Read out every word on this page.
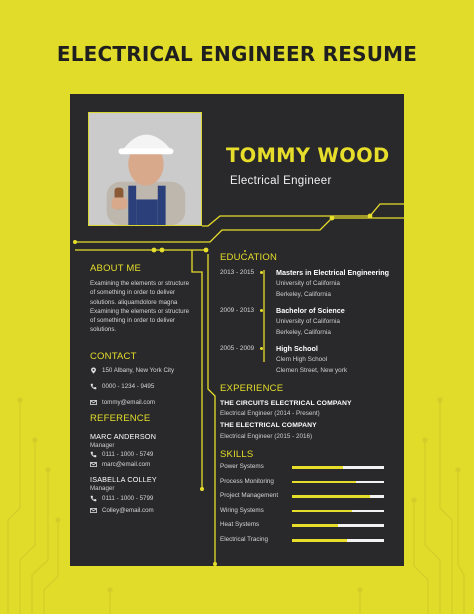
ELECTRICAL ENGINEER RESUME
TOMMY WOOD
Electrical Engineer
ABOUT ME
Examining the elements or structure of something in order to deliver solutions. aliquamdolore magna Examining the elements or structure of something in order to deliver solutions.
CONTACT
150 Albany, New York City
0000 - 1234 - 9495
tommy@email.com
REFERENCE
MARC ANDERSON
Manager
0111 - 1000 - 5749
marc@email.com
ISABELLA COLLEY
Manager
0111 - 1000 - 5799
Colley@email.com
EDUCATION
2013 - 2015	Masters in Electrical Engineering
University of California
Berkeley, California
2009 - 2013	Bachelor of Science
University of California
Berkeley, California
2005 - 2009	High School
Clem High School
Clemen Street, New york
EXPERIENCE
THE CIRCUITS ELECTRICAL COMPANY
Electrical Engineer (2014 - Present)
THE ELECTRICAL COMPANY
Electrical Engineer (2015 - 2016)
SKILLS
Power Systems
Process Monitoring
Project Management
Wiring Systems
Heat Systems
Electrical Tracing
